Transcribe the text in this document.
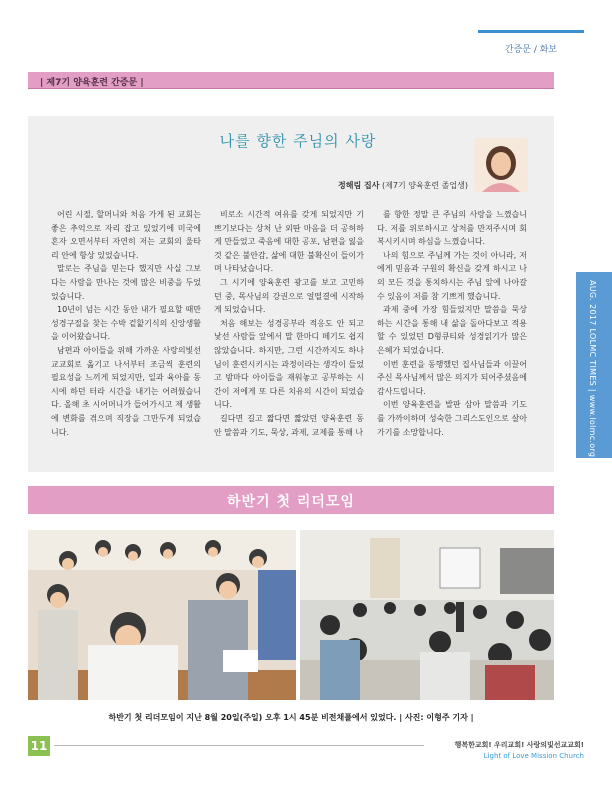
간증문 / 화보
| 제7기 양육훈련 간증문 |
나를 향한 주님의 사랑
정해림 집사 (제7기 양육훈련 졸업생)

어린 시절, 할머니와 처음 가게 된 교회는 좋은 추억으로 자리 잡고 있었기에 미국에 혼자 오면서부터 자연히 저는 교회의 울타리 안에 항상 있었습니다.

말로는 주님을 믿는다 했지만 사실 그보다는 사람을 만나는 것에 많은 비중을 두었었습니다.

10년이 넘는 시간 동안 내가 필요할 때만 성경구절을 찾는 수박 겉핥기식의 신앙생활을 이어왔습니다.

남편과 아이들을 위해 가까운 사랑의빛선교교회로 옮기고 나서부터 조금씩 훈련의 필요성을 느끼게 되었지만, 일과 육아를 동시에 하던 터라 시간을 내기는 어려웠습니다. 올해 초 시어머니가 들어가시고 제 생활에 변화를 겪으며 직장을 그만두게 되었습니다.

비로소 시간적 여유를 갖게 되었지만 기쁘기보다는 상처 난 외딴 마음을 더 공허하게 만들었고 죽음에 대한 공포, 남편을 잃을 것 같은 불안감, 삶에 대한 불확신이 들이가며 나타났습니다.

그 시기에 양육훈련 광고를 보고 고민하던 중, 목사님의 강권으로 얼떨결에 시작하게 되었습니다.

처음 해보는 성경공부라 적응도 안 되고 낯선 사람들 앞에서 말 한마디 떼기도 쉽지 않았습니다. 하지만, 그런 시간까지도 하나님이 훈련시키시는 과정이라는 생각이 들었고 밤마다 아이들을 재워놓고 공부하는 시간이 저에게 또 다른 치유의 시간이 되었습니다.

길다면 길고 짧다면 짧았던 양육훈련 동안 말씀과 기도, 묵상, 과제, 교제를 통해 나

를 향한 정말 큰 주님의 사랑을 느꼈습니다. 저를 위로하시고 상처를 만져주시며 회복시키시며 하심을 느꼈습니다.

나의 힘으로 주님께 가는 것이 아니라, 저에게 믿음과 구원의 확신을 갖게 하시고 나의 모든 것을 통치하시는 주님 앞에 나아갈 수 있음이 저를 참 기쁘게 했습니다.

과제 중에 가장 힘들었지만 말씀을 묵상하는 시간을 통해 내 삶을 돌아다보고 적용할 수 있었던 D형큐티와 성경읽기가 많은 은혜가 되었습니다.

이번 훈련을 동행했던 집사님들과 이끌어 주신 목사님께서 많은 의지가 되어주셨음에 감사드립니다.

이번 양육훈련을 발판 삼아 말씀과 기도를 가까이하며 성숙한 그리스도인으로 살아가기를 소망합니다.	AUG. 2017 LOLMC TIMES | www.lolmc.org
하반기 첫 리더모임
하반기 첫 리더모임이 지난 8월 20일(주일) 오후 1시 45분 비전채플에서 있었다. | 사진: 이형주 기자 |
11	행복한교회! 우리교회! 사랑의빛선교교회!
Light of Love Mission Church
